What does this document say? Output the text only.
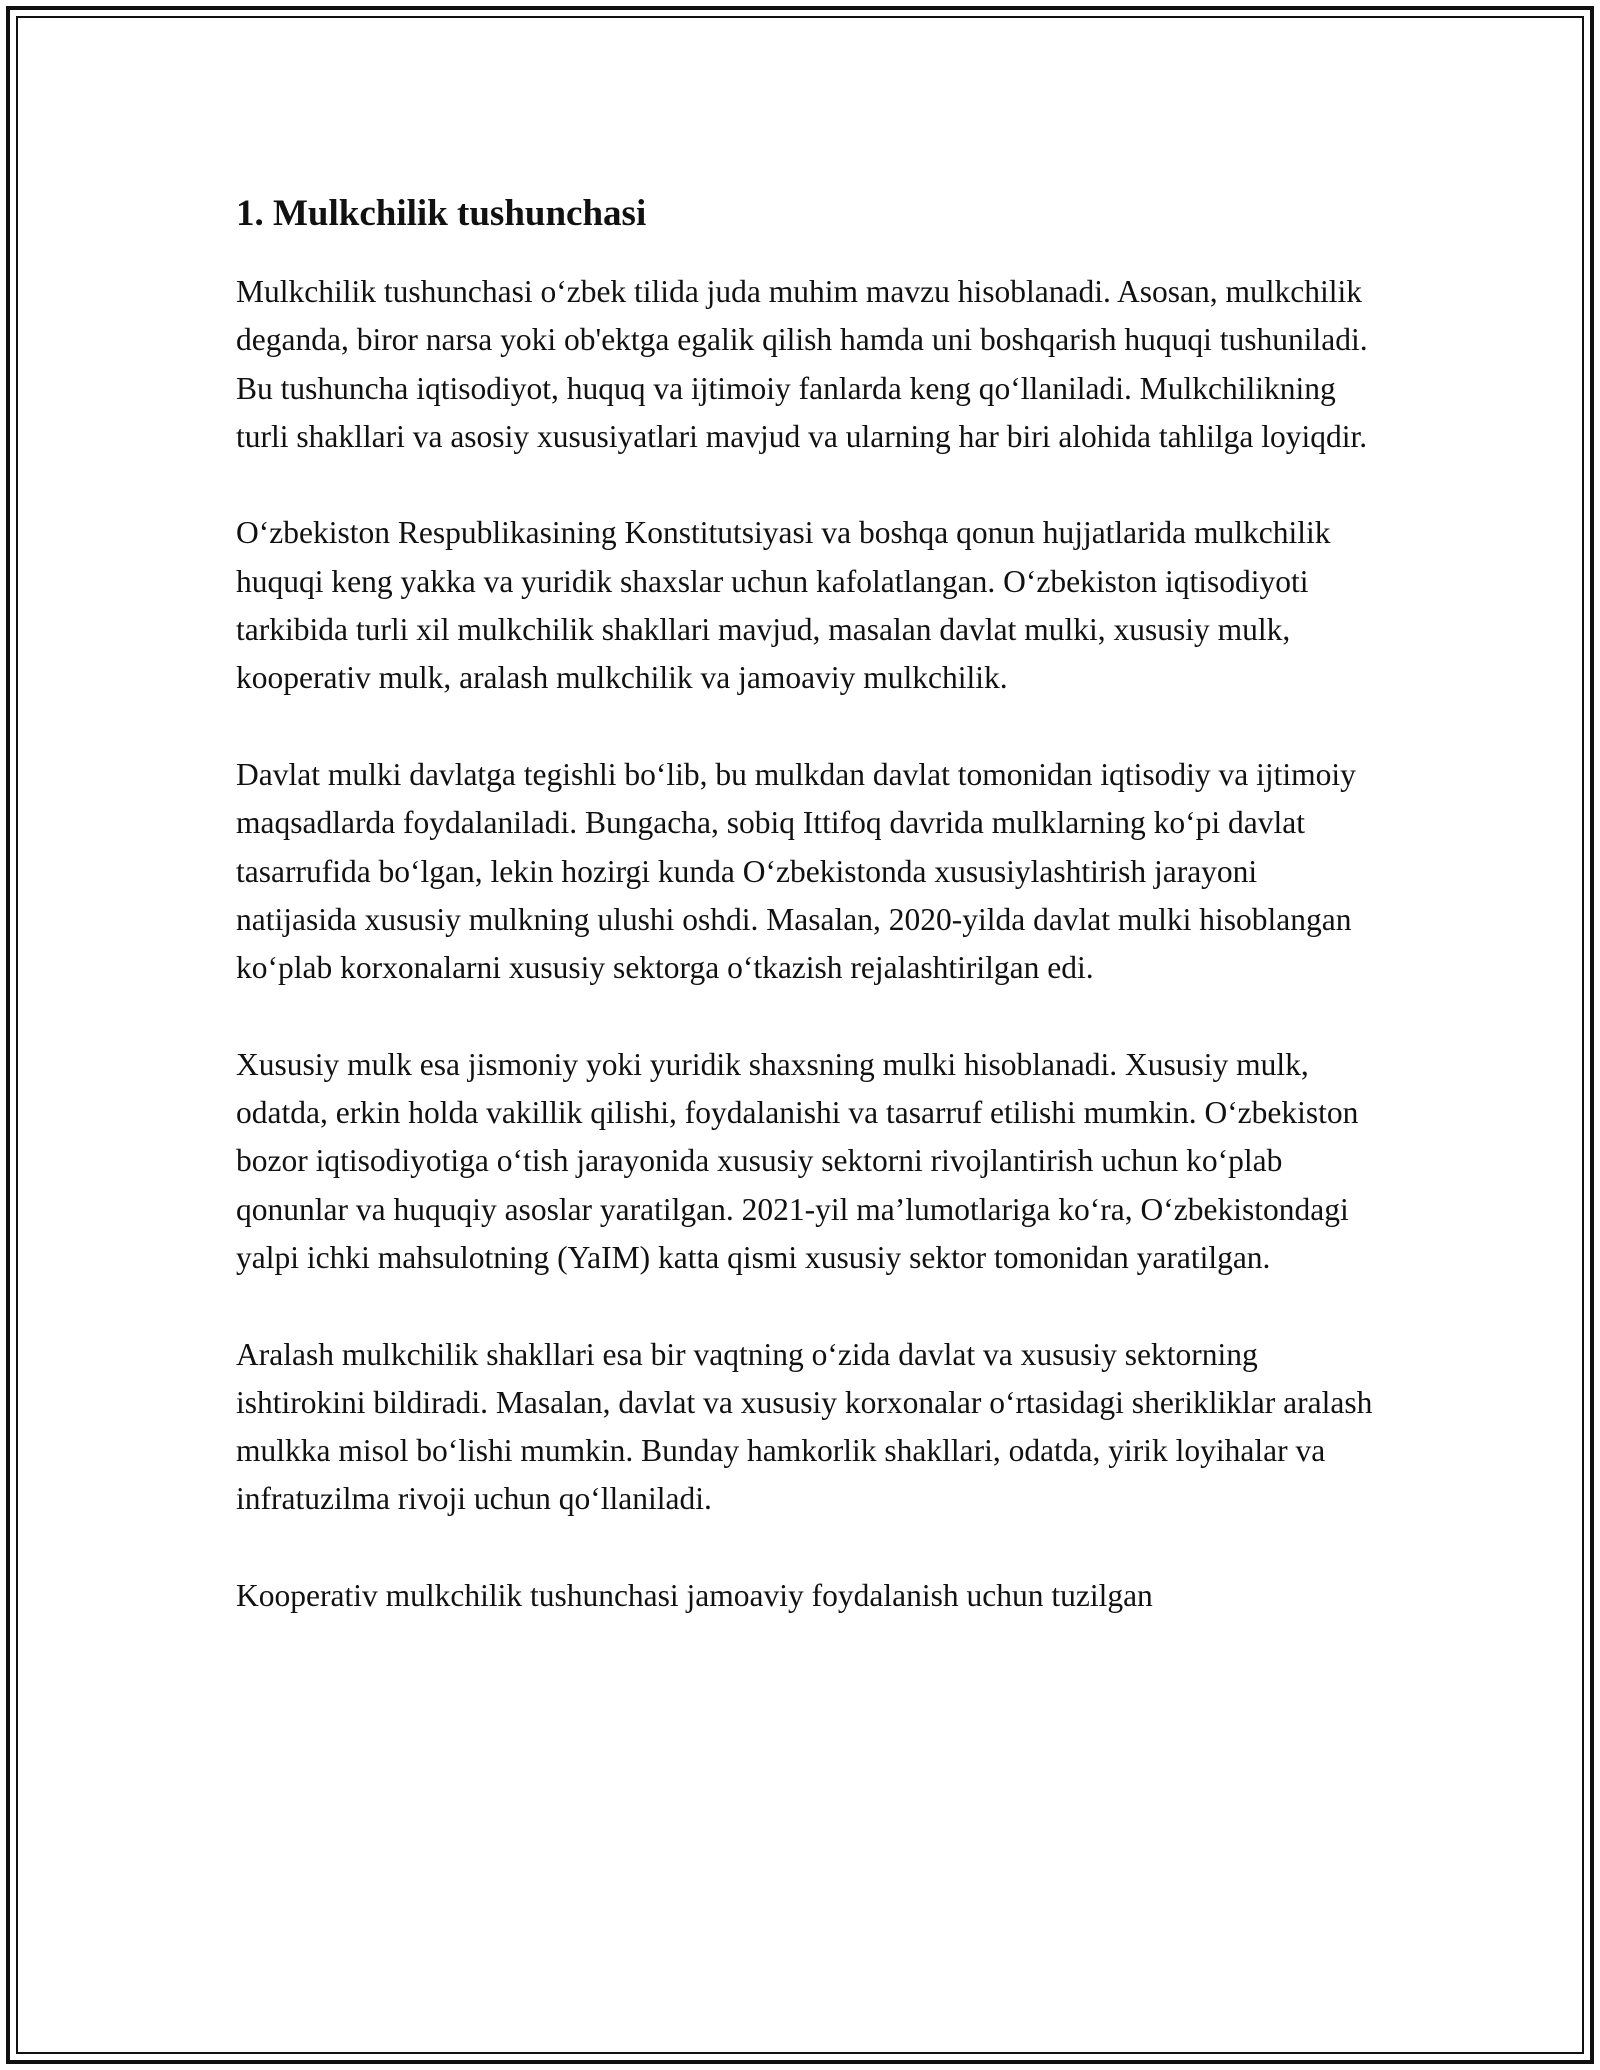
1. Mulkchilik tushunchasi

Mulkchilik tushunchasi o‘zbek tilida juda muhim mavzu hisoblanadi. Asosan, mulkchilik deganda, biror narsa yoki ob'ektga egalik qilish hamda uni boshqarish huquqi tushuniladi. Bu tushuncha iqtisodiyot, huquq va ijtimoiy fanlarda keng qo‘llaniladi. Mulkchilikning turli shakllari va asosiy xususiyatlari mavjud va ularning har biri alohida tahlilga loyiqdir.

O‘zbekiston Respublikasining Konstitutsiyasi va boshqa qonun hujjatlarida mulkchilik huquqi keng yakka va yuridik shaxslar uchun kafolatlangan. O‘zbekiston iqtisodiyoti tarkibida turli xil mulkchilik shakllari mavjud, masalan davlat mulki, xususiy mulk, kooperativ mulk, aralash mulkchilik va jamoaviy mulkchilik.

Davlat mulki davlatga tegishli bo‘lib, bu mulkdan davlat tomonidan iqtisodiy va ijtimoiy maqsadlarda foydalaniladi. Bungacha, sobiq Ittifoq davrida mulklarning ko‘pi davlat tasarrufida bo‘lgan, lekin hozirgi kunda O‘zbekistonda xususiylashtirish jarayoni natijasida xususiy mulkning ulushi oshdi. Masalan, 2020-yilda davlat mulki hisoblangan ko‘plab korxonalarni xususiy sektorga o‘tkazish rejalashtirilgan edi.

Xususiy mulk esa jismoniy yoki yuridik shaxsning mulki hisoblanadi. Xususiy mulk, odatda, erkin holda vakillik qilishi, foydalanishi va tasarruf etilishi mumkin. O‘zbekiston bozor iqtisodiyotiga o‘tish jarayonida xususiy sektorni rivojlantirish uchun ko‘plab qonunlar va huquqiy asoslar yaratilgan. 2021-yil ma’lumotlariga ko‘ra, O‘zbekistondagi yalpi ichki mahsulotning (YaIM) katta qismi xususiy sektor tomonidan yaratilgan.

Aralash mulkchilik shakllari esa bir vaqtning o‘zida davlat va xususiy sektorning ishtirokini bildiradi. Masalan, davlat va xususiy korxonalar o‘rtasidagi sherikliklar aralash mulkka misol bo‘lishi mumkin. Bunday hamkorlik shakllari, odatda, yirik loyihalar va infratuzilma rivoji uchun qo‘llaniladi.

Kooperativ mulkchilik tushunchasi jamoaviy foydalanish uchun tuzilgan
